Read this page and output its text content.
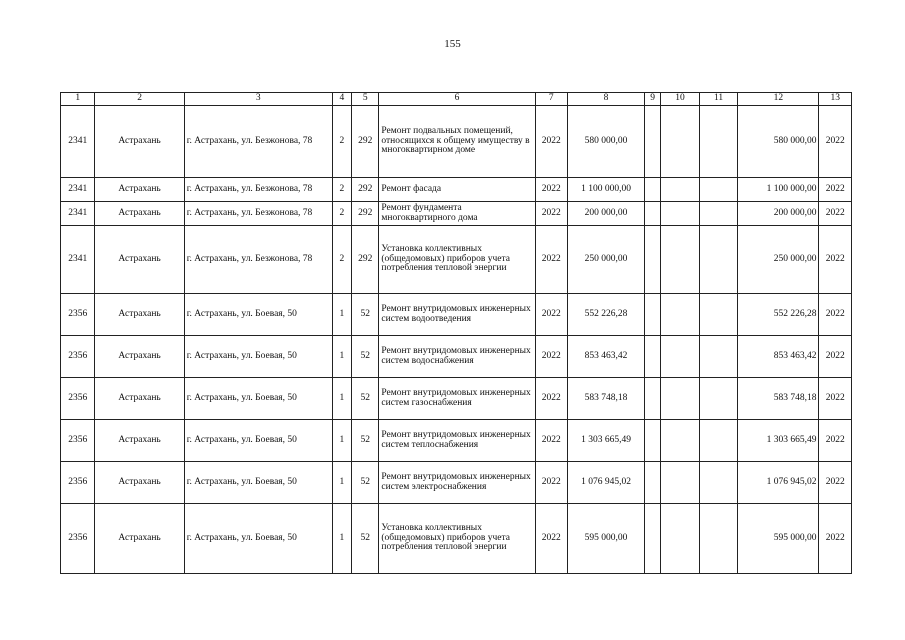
155
1	2	3	4	5	6	7	8	9	10	11	12	13
2341	Астрахань	г. Астрахань, ул. Безжонова, 78	2	292	Ремонт подвальных помещений, относящихся к общему имуществу в многоквартирном доме	2022	580 000,00				580 000,00	2022
2341	Астрахань	г. Астрахань, ул. Безжонова, 78	2	292	Ремонт фасада	2022	1 100 000,00				1 100 000,00	2022
2341	Астрахань	г. Астрахань, ул. Безжонова, 78	2	292	Ремонт фундамента многоквартирного дома	2022	200 000,00				200 000,00	2022
2341	Астрахань	г. Астрахань, ул. Безжонова, 78	2	292	Установка коллективных (общедомовых) приборов учета потребления тепловой энергии	2022	250 000,00				250 000,00	2022
2356	Астрахань	г. Астрахань, ул. Боевая, 50	1	52	Ремонт внутридомовых инженерных систем водоотведения	2022	552 226,28				552 226,28	2022
2356	Астрахань	г. Астрахань, ул. Боевая, 50	1	52	Ремонт внутридомовых инженерных систем водоснабжения	2022	853 463,42				853 463,42	2022
2356	Астрахань	г. Астрахань, ул. Боевая, 50	1	52	Ремонт внутридомовых инженерных систем газоснабжения	2022	583 748,18				583 748,18	2022
2356	Астрахань	г. Астрахань, ул. Боевая, 50	1	52	Ремонт внутридомовых инженерных систем теплоснабжения	2022	1 303 665,49				1 303 665,49	2022
2356	Астрахань	г. Астрахань, ул. Боевая, 50	1	52	Ремонт внутридомовых инженерных систем электроснабжения	2022	1 076 945,02				1 076 945,02	2022
2356	Астрахань	г. Астрахань, ул. Боевая, 50	1	52	Установка коллективных (общедомовых) приборов учета потребления тепловой энергии	2022	595 000,00				595 000,00	2022
